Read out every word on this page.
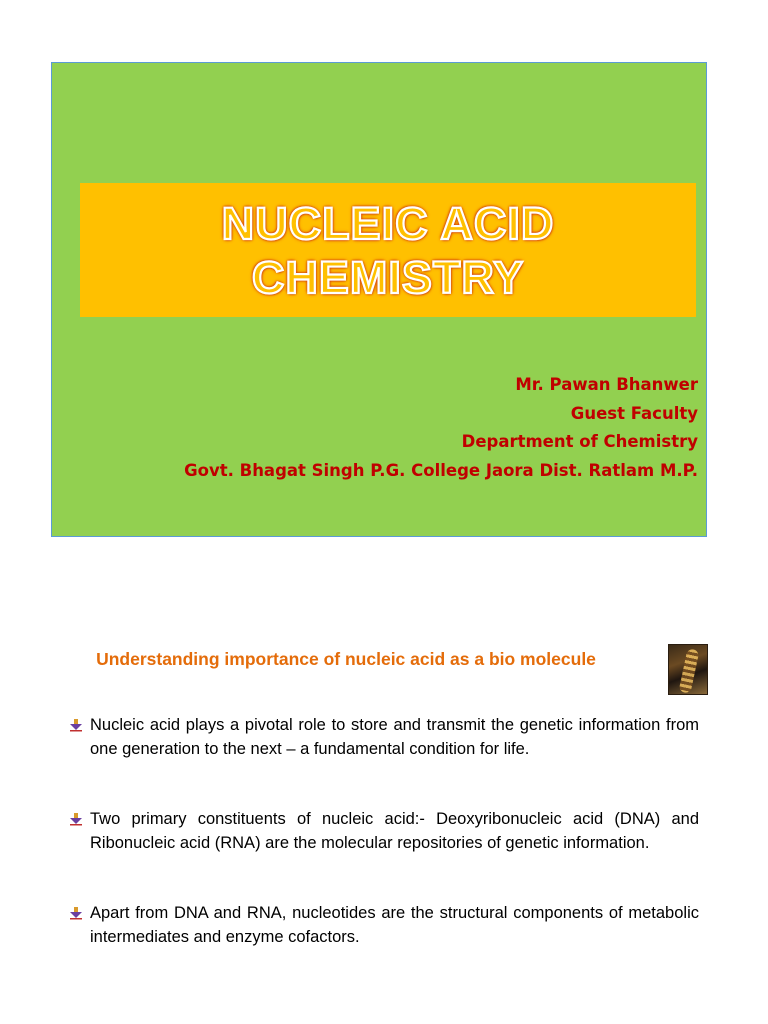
NUCLEIC ACID
CHEMISTRY
Mr. Pawan Bhanwer
Guest Faculty
Department of Chemistry
Govt. Bhagat Singh P.G. College Jaora Dist. Ratlam M.P.
Understanding importance of nucleic acid as a bio molecule
Nucleic acid plays a pivotal role to store and transmit the genetic information from one generation to the next – a fundamental condition for life.
Two primary constituents of nucleic acid:- Deoxyribonucleic acid (DNA) and Ribonucleic acid (RNA) are the molecular repositories of genetic information.
Apart from DNA and RNA, nucleotides are the structural components of metabolic intermediates and enzyme cofactors.
